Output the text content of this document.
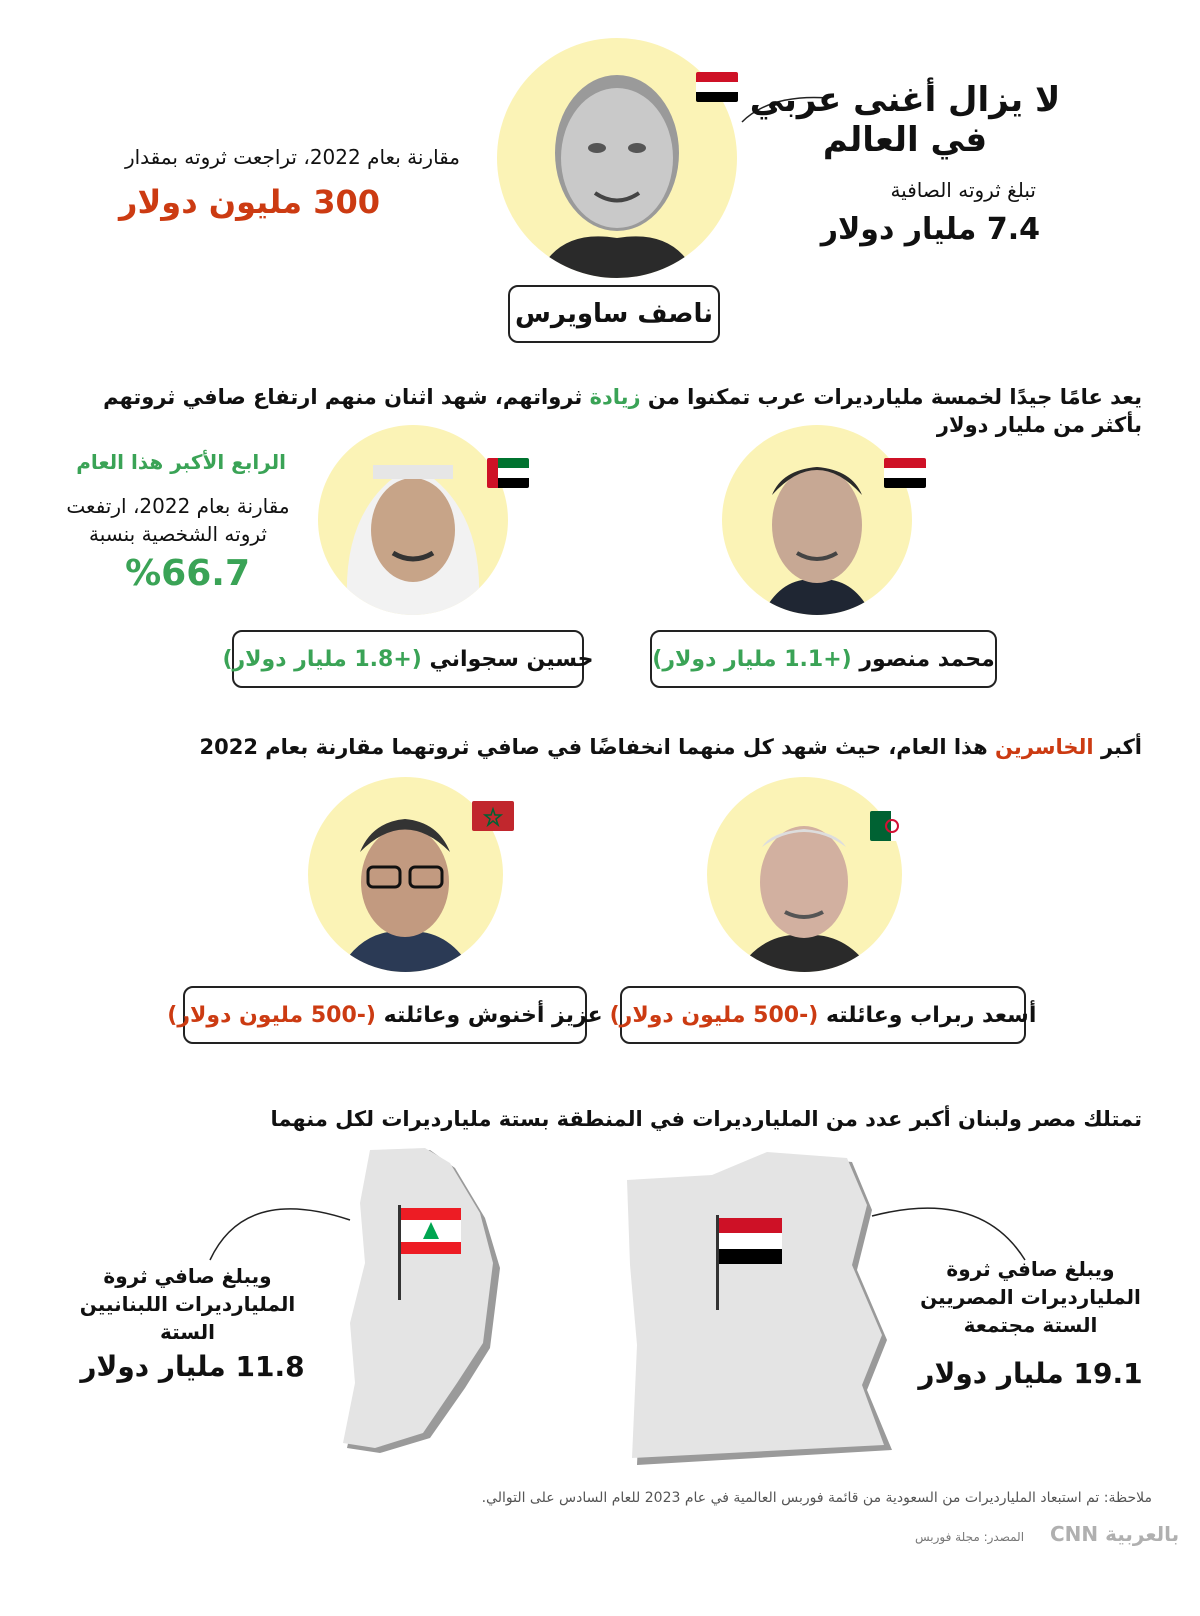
لا يزال أغنى عربي
في العالم
تبلغ ثروته الصافية
7.4 مليار دولار
مقارنة بعام 2022، تراجعت ثروته بمقدار
300 مليون دولار
ناصف ساويرس
يعد عامًا جيدًا لخمسة مليارديرات عرب تمكنوا من زيادة ثرواتهم، شهد اثنان منهم ارتفاع صافي ثروتهم بأكثر من مليار دولار
الرابع الأكبر هذا العام
مقارنة بعام 2022، ارتفعت ثروته الشخصية بنسبة
%66.7
حسين سجواني

(+1.8 مليار دولار)	محمد منصور

(+1.1 مليار دولار)
أكبر الخاسرين هذا العام، حيث شهد كل منهما انخفاضًا في صافي ثروتهما مقارنة بعام 2022
عزيز أخنوش وعائلته

(-500 مليون دولار)	أسعد ربراب وعائلته

(-500 مليون دولار)
تمتلك مصر ولبنان أكبر عدد من المليارديرات في المنطقة بستة مليارديرات لكل منهما
ويبلغ صافي ثروة المليارديرات اللبنانيين الستة
11.8 مليار دولار
ويبلغ صافي ثروة المليارديرات المصريين الستة مجتمعة
19.1 مليار دولار
ملاحظة: تم استبعاد المليارديرات من السعودية من قائمة فوربس العالمية في عام 2023 للعام السادس على التوالي.
المصدر: مجلة فوربس CNN بالعربية
